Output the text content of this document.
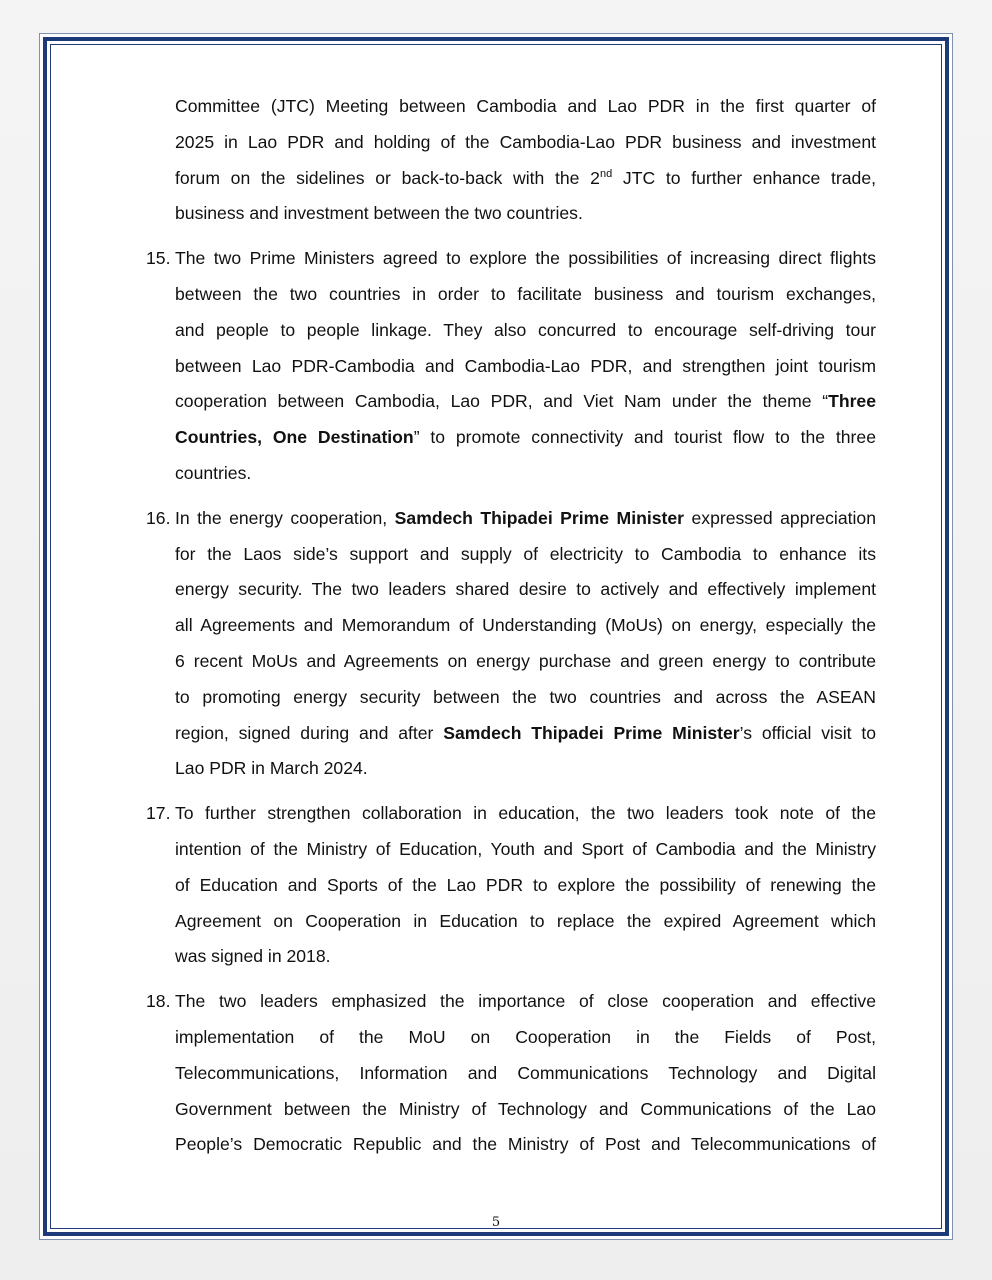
Committee (JTC) Meeting between Cambodia and Lao PDR in the first quarter of
2025 in Lao PDR and holding of the Cambodia-Lao PDR business and investment
forum on the sidelines or back-to-back with the 2nd JTC to further enhance trade,
business and investment between the two countries.
15. The two Prime Ministers agreed to explore the possibilities of increasing direct flights
between the two countries in order to facilitate business and tourism exchanges,
and people to people linkage. They also concurred to encourage self-driving tour
between Lao PDR-Cambodia and Cambodia-Lao PDR, and strengthen joint tourism
cooperation between Cambodia, Lao PDR, and Viet Nam under the theme “Three
Countries, One Destination” to promote connectivity and tourist flow to the three
countries.
16. In the energy cooperation, Samdech Thipadei Prime Minister expressed appreciation
for the Laos side’s support and supply of electricity to Cambodia to enhance its
energy security. The two leaders shared desire to actively and effectively implement
all Agreements and Memorandum of Understanding (MoUs) on energy, especially the
6 recent MoUs and Agreements on energy purchase and green energy to contribute
to promoting energy security between the two countries and across the ASEAN
region, signed during and after Samdech Thipadei Prime Minister’s official visit to
Lao PDR in March 2024.
17. To further strengthen collaboration in education, the two leaders took note of the
intention of the Ministry of Education, Youth and Sport of Cambodia and the Ministry
of Education and Sports of the Lao PDR to explore the possibility of renewing the
Agreement on Cooperation in Education to replace the expired Agreement which
was signed in 2018.
18. The two leaders emphasized the importance of close cooperation and effective
implementation of the MoU on Cooperation in the Fields of Post,
Telecommunications, Information and Communications Technology and Digital
Government between the Ministry of Technology and Communications of the Lao
People’s Democratic Republic and the Ministry of Post and Telecommunications of
5
